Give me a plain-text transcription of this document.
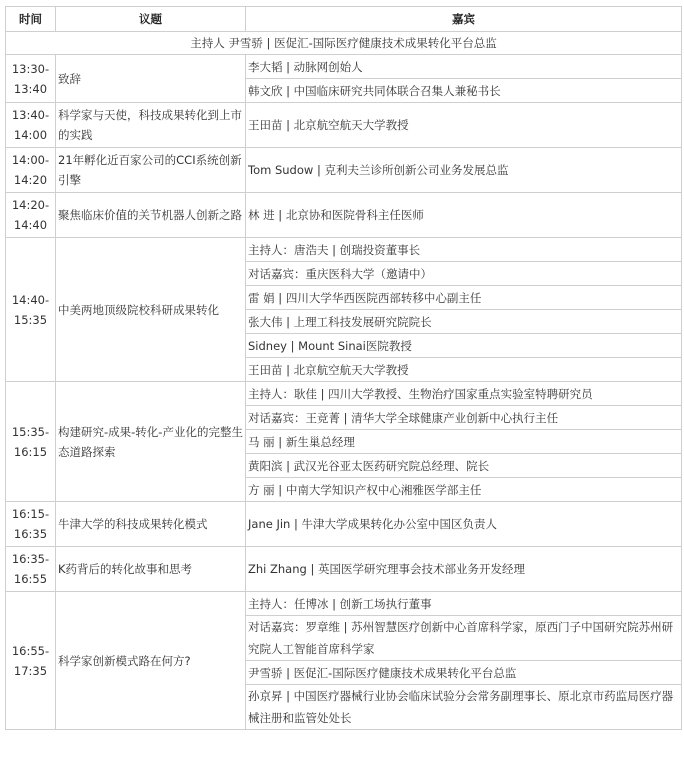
时间	议题	嘉宾
主持人 尹雪骄 | 医促汇-国际医疗健康技术成果转化平台总监		
13:30-13:40	致辞	李大韬 | 动脉网创始人
		韩文欣 | 中国临床研究共同体联合召集人兼秘书长
13:40-14:00	科学家与天使，科技成果转化到上市的实践	王田苗 | 北京航空航天大学教授
14:00-14:20	21年孵化近百家公司的CCI系统创新引擎	Tom Sudow | 克利夫兰诊所创新公司业务发展总监
14:20-14:40	聚焦临床价值的关节机器人创新之路	林 进 | 北京协和医院骨科主任医师
14:40-15:35	中美两地顶级院校科研成果转化	主持人：唐浩夫 | 创瑞投资董事长
		对话嘉宾：重庆医科大学（邀请中）
		雷 娟 | 四川大学华西医院西部转移中心副主任
		张大伟 | 上理工科技发展研究院院长
		Sidney | Mount Sinai医院教授
		王田苗 | 北京航空航天大学教授
15:35-16:15	构建研究-成果-转化-产业化的完整生态道路探索	主持人：耿佳 | 四川大学教授、生物治疗国家重点实验室特聘研究员
		对话嘉宾：王竞菁 | 清华大学全球健康产业创新中心执行主任
		马 丽 | 新生巢总经理
		黄阳滨 | 武汉光谷亚太医药研究院总经理、院长
		方 丽 | 中南大学知识产权中心湘雅医学部主任
16:15-16:35	牛津大学的科技成果转化模式	Jane Jin | 牛津大学成果转化办公室中国区负责人
16:35-16:55	K药背后的转化故事和思考	Zhi Zhang | 英国医学研究理事会技术部业务开发经理
16:55-17:35	科学家创新模式路在何方?	主持人：任博冰 | 创新工场执行董事
		对话嘉宾：罗章维 | 苏州智慧医疗创新中心首席科学家，原西门子中国研究院苏州研究院人工智能首席科学家
		尹雪骄 | 医促汇-国际医疗健康技术成果转化平台总监
		孙京昇 | 中国医疗器械行业协会临床试验分会常务副理事长、原北京市药监局医疗器械注册和监管处处长
